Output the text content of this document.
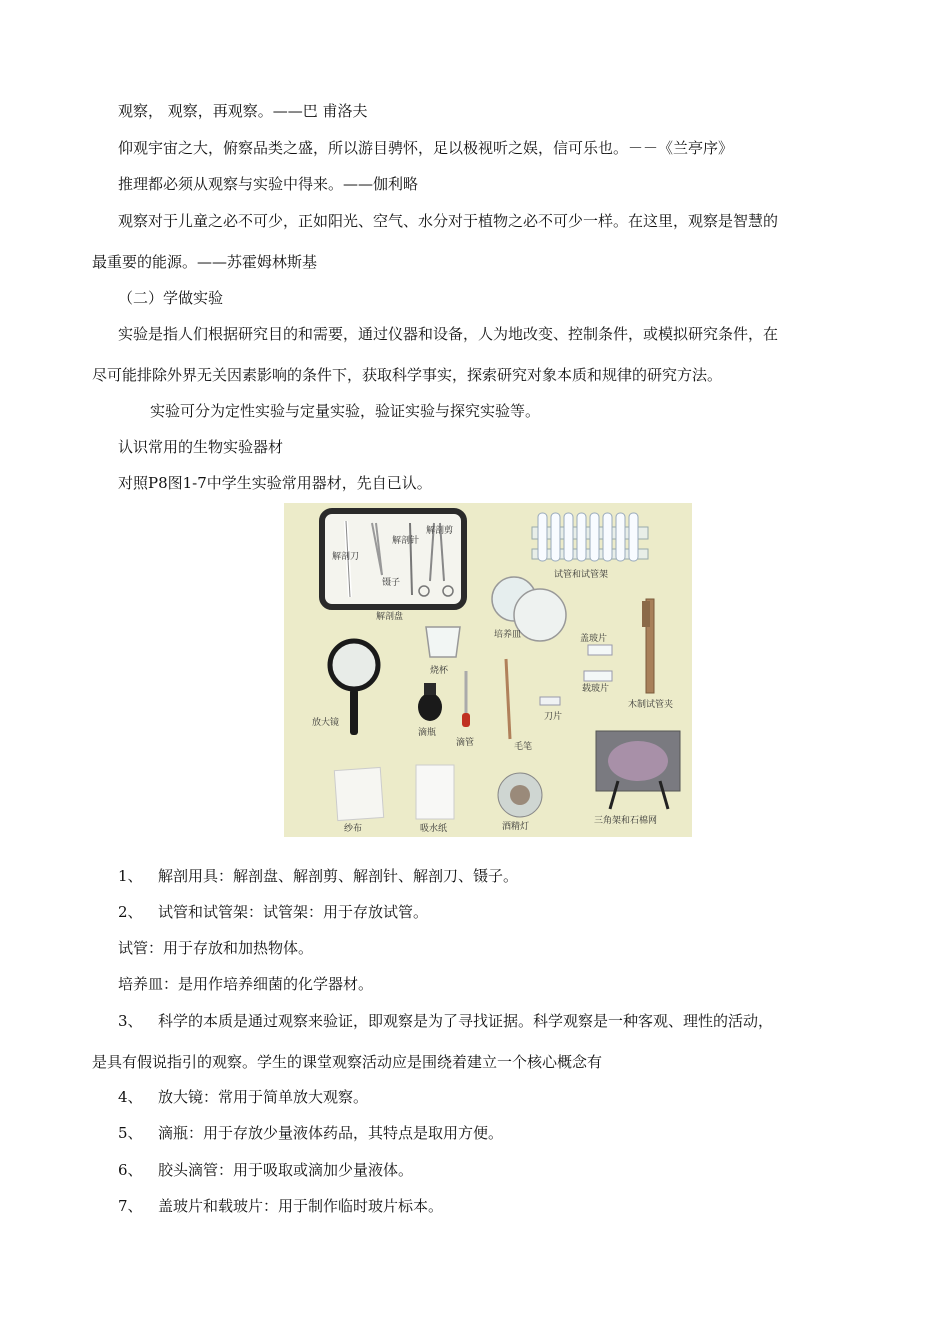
观察， 观察，再观察。——巴 甫洛夫
仰观宇宙之大，俯察品类之盛，所以游目骋怀，足以极视听之娱，信可乐也。－－《兰亭序》
推理都必须从观察与实验中得来。——伽利略
观察对于儿童之必不可少，正如阳光、空气、水分对于植物之必不可少一样。在这里，观察是智慧的
最重要的能源。——苏霍姆林斯基
（二）学做实验
实验是指人们根据研究目的和需要，通过仪器和设备，人为地改变、控制条件，或模拟研究条件，在
尽可能排除外界无关因素影响的条件下，获取科学事实，探索研究对象本质和规律的研究方法。
实验可分为定性实验与定量实验，验证实验与探究实验等。
认识常用的生物实验器材
对照P8图1-7中学生实验常用器材，先自已认。
解剖刀
镊子
解剖针
解剖剪
解剖盘
试管和试管架
培养皿	盖玻片
载玻片
木制试管夹
烧杯
放大镜
滴瓶
滴管	毛笔
刀片
三角架和石棉网
纱布	吸水纸	酒精灯
1、 解剖用具：解剖盘、解剖剪、解剖针、解剖刀、镊子。
2、 试管和试管架：试管架：用于存放试管。
试管：用于存放和加热物体。
培养皿：是用作培养细菌的化学器材。
3、 科学的本质是通过观察来验证，即观察是为了寻找证据。科学观察是一种客观、理性的活动，
是具有假说指引的观察。学生的课堂观察活动应是围绕着建立一个核心概念有
4、 放大镜：常用于简单放大观察。
5、 滴瓶：用于存放少量液体药品，其特点是取用方便。
6、 胶头滴管：用于吸取或滴加少量液体。
7、 盖玻片和载玻片：用于制作临时玻片标本。
